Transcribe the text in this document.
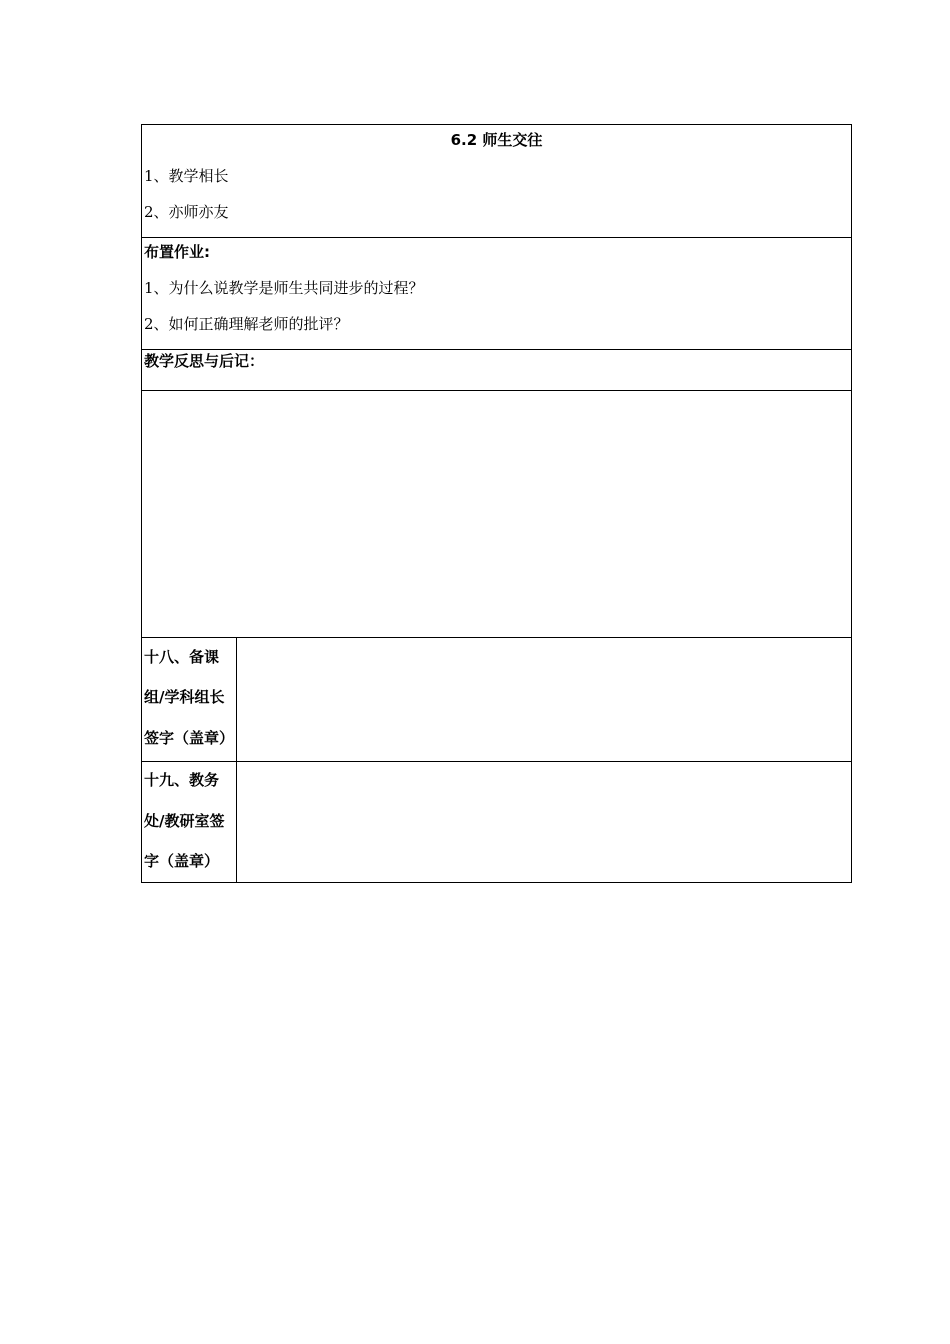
6.2 师生交往
1、教学相长
2、亦师亦友
布置作业:
1、为什么说教学是师生共同进步的过程？
2、如何正确理解老师的批评？
教学反思与后记：
十八、备课
组/学科组长
签字（盖章）
十九、教务
处/教研室签
字（盖章）
